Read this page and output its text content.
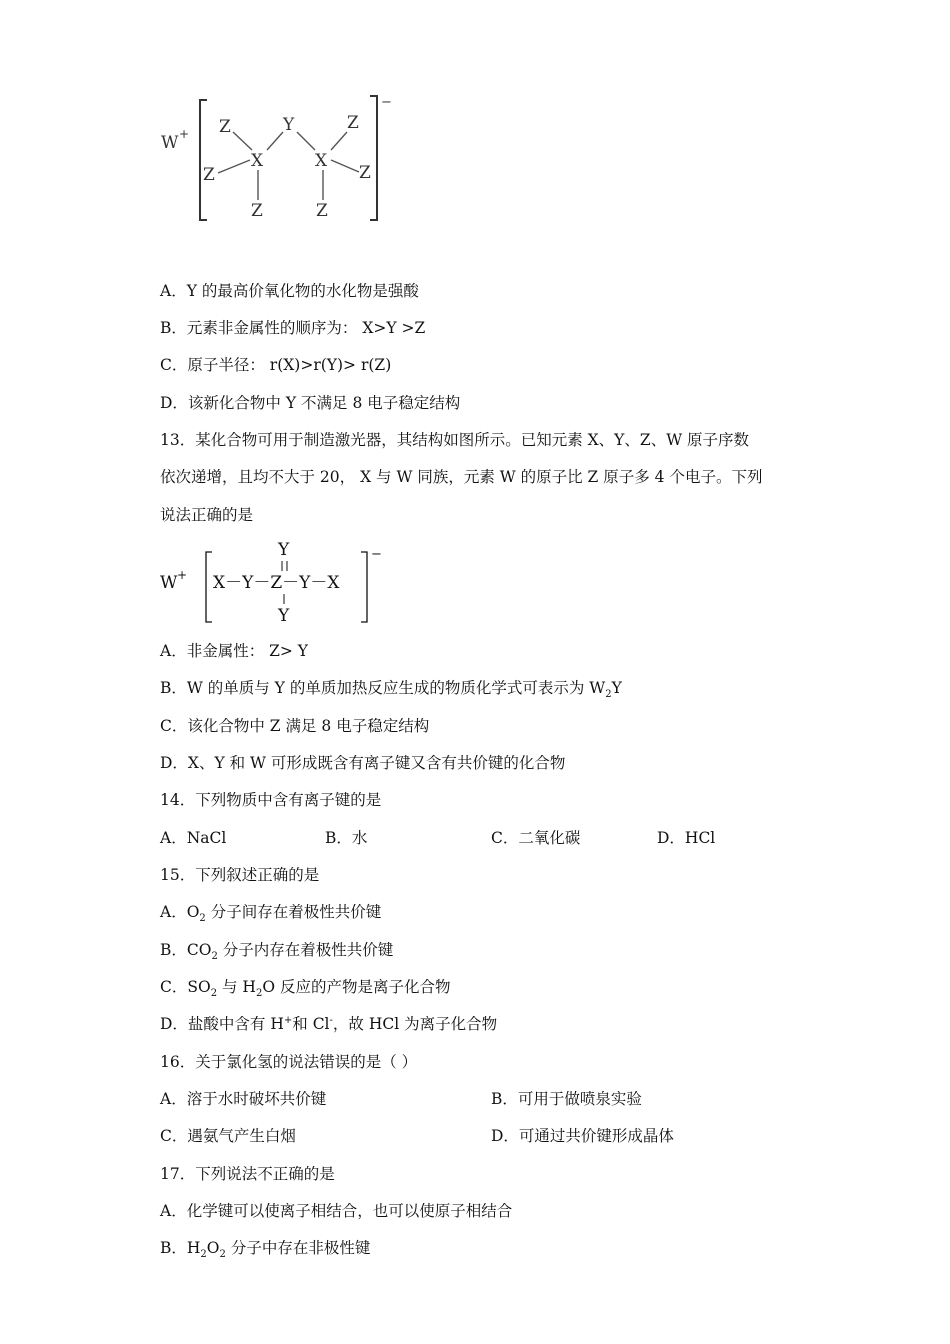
W +
−
Z	Y	Z
Z
X	X
Z
Z	Z
A．Y 的最高价氧化物的水化物是强酸
B．元素非金属性的顺序为： X>Y >Z
C．原子半径： r(X)>r(Y)> r(Z)
D．该新化合物中 Y 不满足 8 电子稳定结构
13．某化合物可用于制造激光器，其结构如图所示。已知元素 X、Y、Z、W 原子序数
依次递增，且均不大于 20， X 与 W 同族，元素 W 的原子比 Z 原子多 4 个电子。下列
说法正确的是
W +
−
Y
X－Y－Z－Y－X
Y
A．非金属性： Z> Y
B．W 的单质与 Y 的单质加热反应生成的物质化学式可表示为 $W_2Y$
C．该化合物中 Z 满足 8 电子稳定结构
D．X、Y 和 W 可形成既含有离子键又含有共价键的化合物
14．下列物质中含有离子键的是
A．NaCl	B．水	C．二氧化碳	D．HCl
15．下列叙述正确的是
A．$O_2$ 分子间存在着极性共价键
B．$CO_2$ 分子内存在着极性共价键
C．$SO_2$ 与 $H_2O$ 反应的产物是离子化合物
D．盐酸中含有 H+和 Cl-，故 HCl 为离子化合物
16．关于氯化氢的说法错误的是（ ）
A．溶于水时破坏共价键	B．可用于做喷泉实验
C．遇氨气产生白烟	D．可通过共价键形成晶体
17．下列说法不正确的是
A．化学键可以使离子相结合，也可以使原子相结合
B．$H_2O_2$ 分子中存在非极性键
